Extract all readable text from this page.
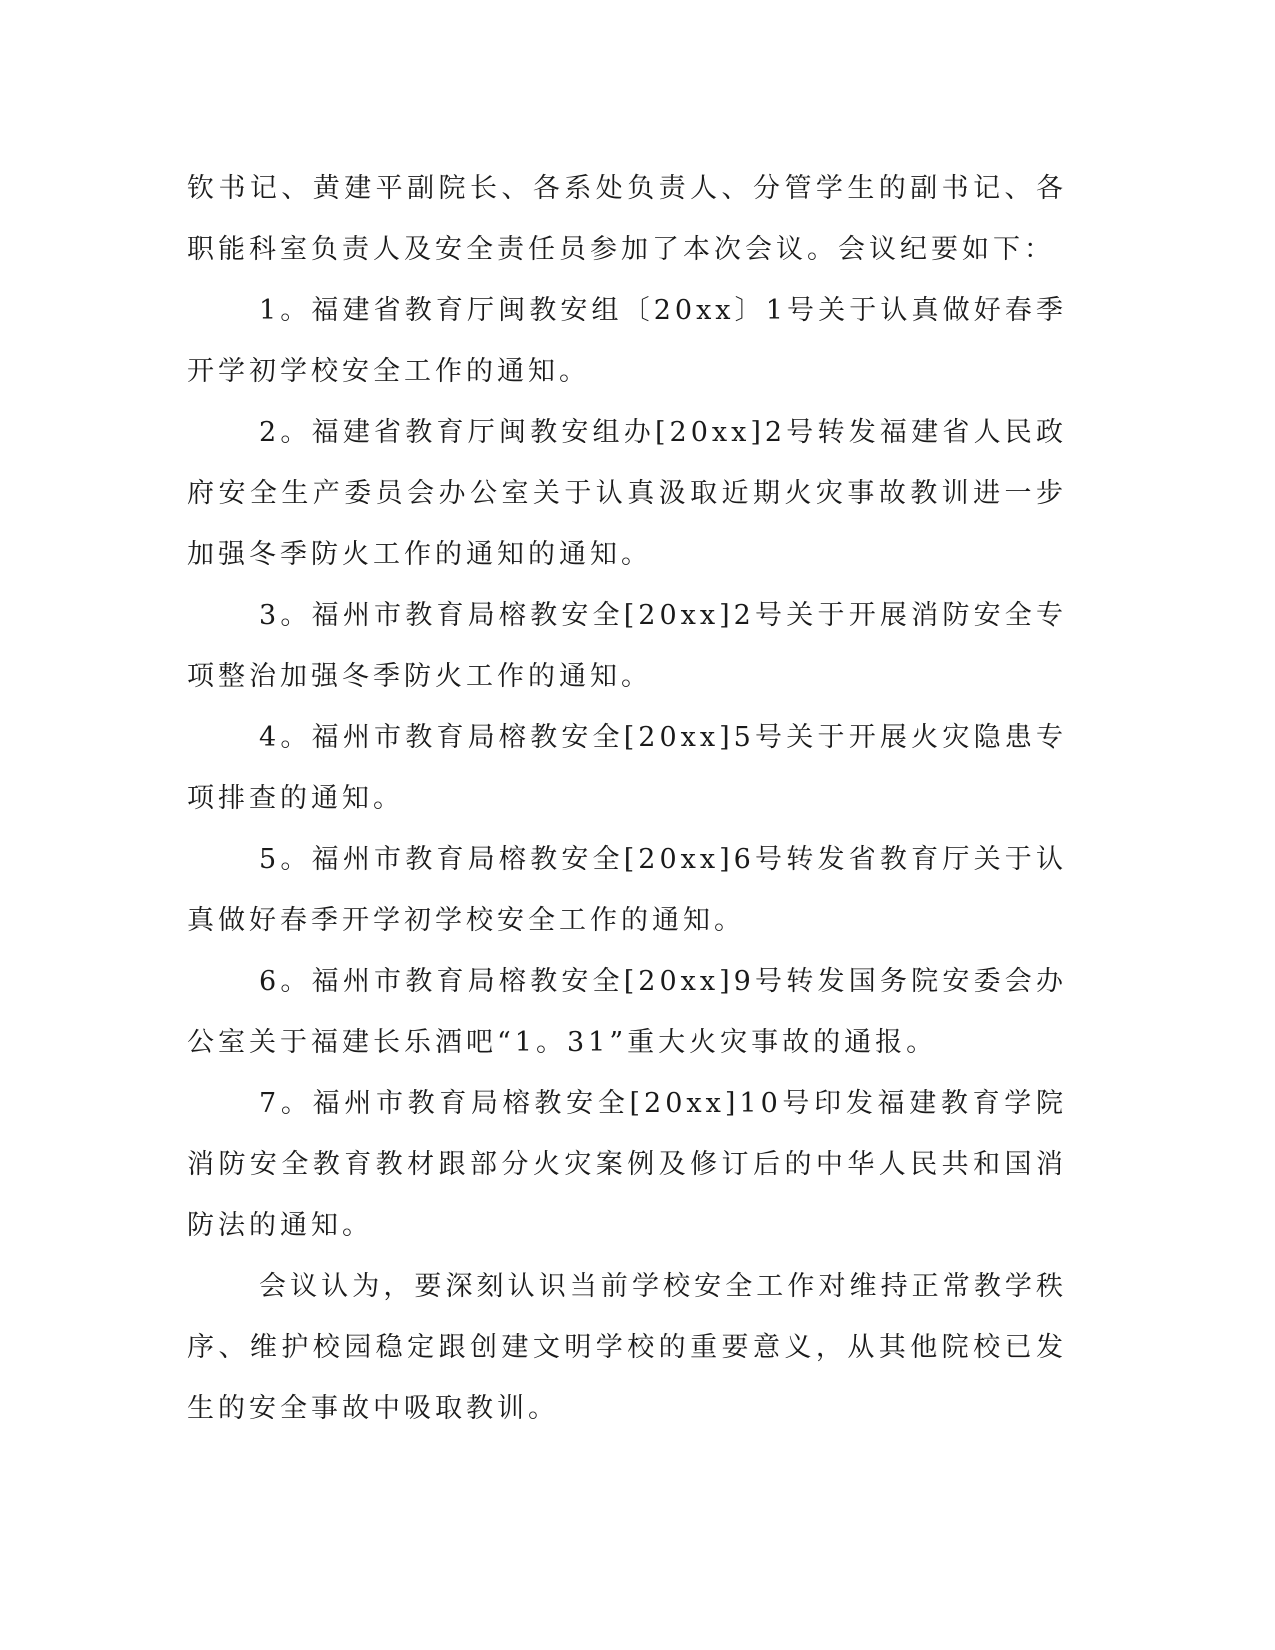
钦书记、黄建平副院长、各系处负责人、分管学生的副书记、各职能科室负责人及安全责任员参加了本次会议。会议纪要如下：

1。福建省教育厅闽教安组〔20xx〕1号关于认真做好春季开学初学校安全工作的通知。

2。福建省教育厅闽教安组办[20xx]2号转发福建省人民政府安全生产委员会办公室关于认真汲取近期火灾事故教训进一步加强冬季防火工作的通知的通知。

3。福州市教育局榕教安全[20xx]2号关于开展消防安全专项整治加强冬季防火工作的通知。

4。福州市教育局榕教安全[20xx]5号关于开展火灾隐患专项排查的通知。

5。福州市教育局榕教安全[20xx]6号转发省教育厅关于认真做好春季开学初学校安全工作的通知。

6。福州市教育局榕教安全[20xx]9号转发国务院安委会办公室关于福建长乐酒吧“1。31”重大火灾事故的通报。

7。福州市教育局榕教安全[20xx]10号印发福建教育学院消防安全教育教材跟部分火灾案例及修订后的中华人民共和国消防法的通知。

会议认为，要深刻认识当前学校安全工作对维持正常教学秩序、维护校园稳定跟创建文明学校的重要意义，从其他院校已发生的安全事故中吸取教训。
